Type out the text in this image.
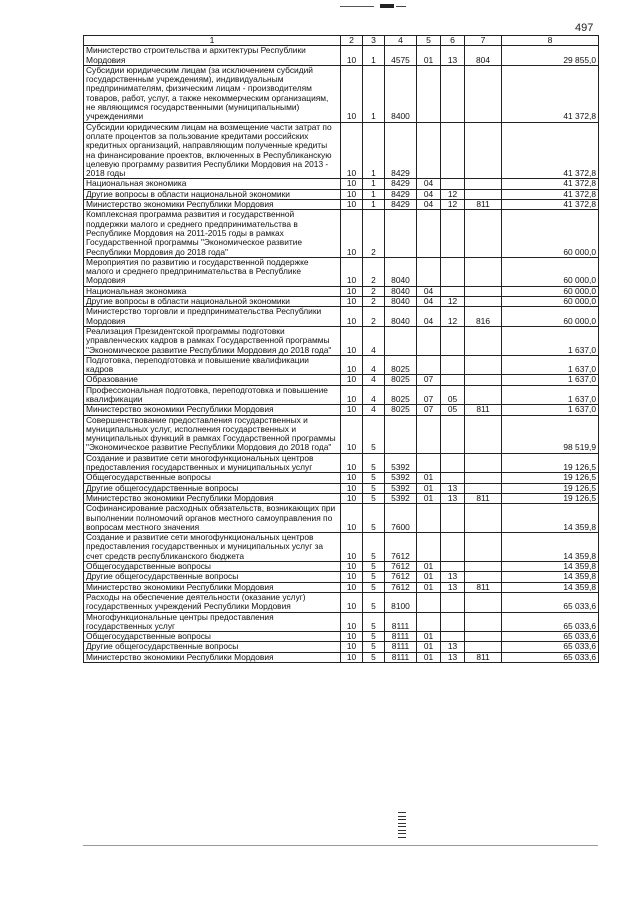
497
1	2	3	4	5	6	7	8
Министерство строительства и архитектуры Республики Мордовия	10	1	4575	01	13	804	29 855,0
Субсидии юридическим лицам (за исключением субсидий государственным учреждениям), индивидуальным предпринимателям, физическим лицам - производителям товаров, работ, услуг, а также некоммерческим организациям, не являющимся государственными (муниципальными) учреждениями	10	1	8400				41 372,8
Субсидии юридическим лицам на возмещение части затрат по оплате процентов за пользование кредитами российских кредитных организаций, направляющим полученные кредиты на финансирование проектов, включенных в Республиканскую целевую программу развития Республики Мордовия на 2013 - 2018 годы	10	1	8429				41 372,8
Национальная экономика	10	1	8429	04			41 372,8
Другие вопросы в области национальной экономики	10	1	8429	04	12		41 372,8
Министерство экономики Республики Мордовия	10	1	8429	04	12	811	41 372,8
Комплексная программа развития и государственной поддержки малого и среднего предпринимательства в Республике Мордовия на 2011-2015 годы в рамках Государственной программы "Экономическое развитие Республики Мордовия до 2018 года"	10	2					60 000,0
Мероприятия по развитию и государственной поддержке малого и среднего предпринимательства в Республике Мордовия	10	2	8040				60 000,0
Национальная экономика	10	2	8040	04			60 000,0
Другие вопросы в области национальной экономики	10	2	8040	04	12		60 000,0
Министерство торговли и предпринимательства Республики Мордовия	10	2	8040	04	12	816	60 000,0
Реализация Президентской программы подготовки управленческих кадров в рамках Государственной программы "Экономическое развитие Республики Мордовия до 2018 года"	10	4					1 637,0
Подготовка, переподготовка и повышение квалификации кадров	10	4	8025				1 637,0
Образование	10	4	8025	07			1 637,0
Профессиональная подготовка, переподготовка и повышение квалификации	10	4	8025	07	05		1 637,0
Министерство экономики Республики Мордовия	10	4	8025	07	05	811	1 637,0
Совершенствование предоставления государственных и муниципальных услуг, исполнения государственных и муниципальных функций в рамках Государственной программы "Экономическое развитие Республики Мордовия до 2018 года"	10	5					98 519,9
Создание и развитие сети многофункциональных центров предоставления государственных и муниципальных услуг	10	5	5392				19 126,5
Общегосударственные вопросы	10	5	5392	01			19 126,5
Другие общегосударственные вопросы	10	5	5392	01	13		19 126,5
Министерство экономики Республики Мордовия	10	5	5392	01	13	811	19 126,5
Софинансирование расходных обязательств, возникающих при выполнении полномочий органов местного самоуправления по вопросам местного значения	10	5	7600				14 359,8
Создание и развитие сети многофункциональных центров предоставления государственных и муниципальных услуг за счет средств республиканского бюджета	10	5	7612				14 359,8
Общегосударственные вопросы	10	5	7612	01			14 359,8
Другие общегосударственные вопросы	10	5	7612	01	13		14 359,8
Министерство экономики Республики Мордовия	10	5	7612	01	13	811	14 359,8
Расходы на обеспечение деятельности (оказание услуг) государственных учреждений Республики Мордовия	10	5	8100				65 033,6
Многофункциональные центры предоставления государственных услуг	10	5	8111				65 033,6
Общегосударственные вопросы	10	5	8111	01			65 033,6
Другие общегосударственные вопросы	10	5	8111	01	13		65 033,6
Министерство экономики Республики Мордовия	10	5	8111	01	13	811	65 033,6
